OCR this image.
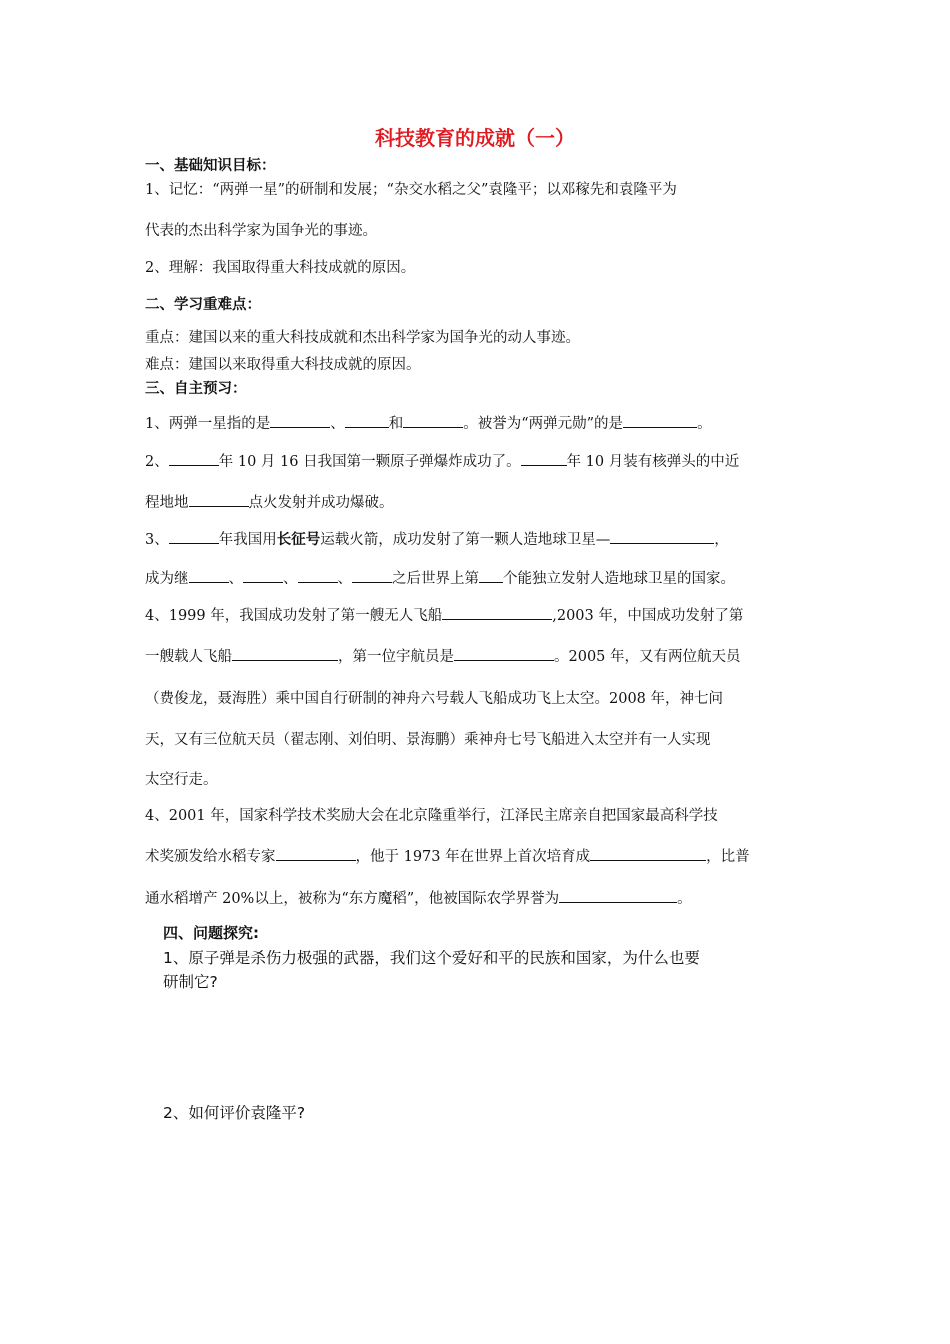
科技教育的成就（一）
一、基础知识目标：
1、记忆：“两弹一星”的研制和发展；“杂交水稻之父”袁隆平；以邓稼先和袁隆平为
代表的杰出科学家为国争光的事迹。
2、理解：我国取得重大科技成就的原因。
二、学习重难点：
重点：建国以来的重大科技成就和杰出科学家为国争光的动人事迹。
难点：建国以来取得重大科技成就的原因。
三、自主预习：
1、两弹一星指的是	、	和	。被誉为“两弹元勋”的是	。
2、	年 10 月 16 日我国第一颗原子弹爆炸成功了。	年 10 月装有核弹头的中近
程地地	点火发射并成功爆破。
3、	年我国用长征号运载火箭，成功发射了第一颗人造地球卫星—	，
成为继	、	、	、	之后世界上第 个能独立发射人造地球卫星的国家。
4、1999 年，我国成功发射了第一艘无人飞船	,2003 年，中国成功发射了第
一艘载人飞船	，第一位宇航员是	。2005 年，又有两位航天员
（费俊龙，聂海胜）乘中国自行研制的神舟六号载人飞船成功飞上太空。2008 年，神七问
天，又有三位航天员（翟志刚、刘伯明、景海鹏）乘神舟七号飞船进入太空并有一人实现
太空行走。
4、2001 年，国家科学技术奖励大会在北京隆重举行，江泽民主席亲自把国家最高科学技
术奖颁发给水稻专家	，他于 1973 年在世界上首次培育成	，比普
通水稻增产 20%以上，被称为“东方魔稻”，他被国际农学界誉为	。
四、问题探究:
1、原子弹是杀伤力极强的武器，我们这个爱好和平的民族和国家，为什么也要
研制它?
2、如何评价袁隆平?
